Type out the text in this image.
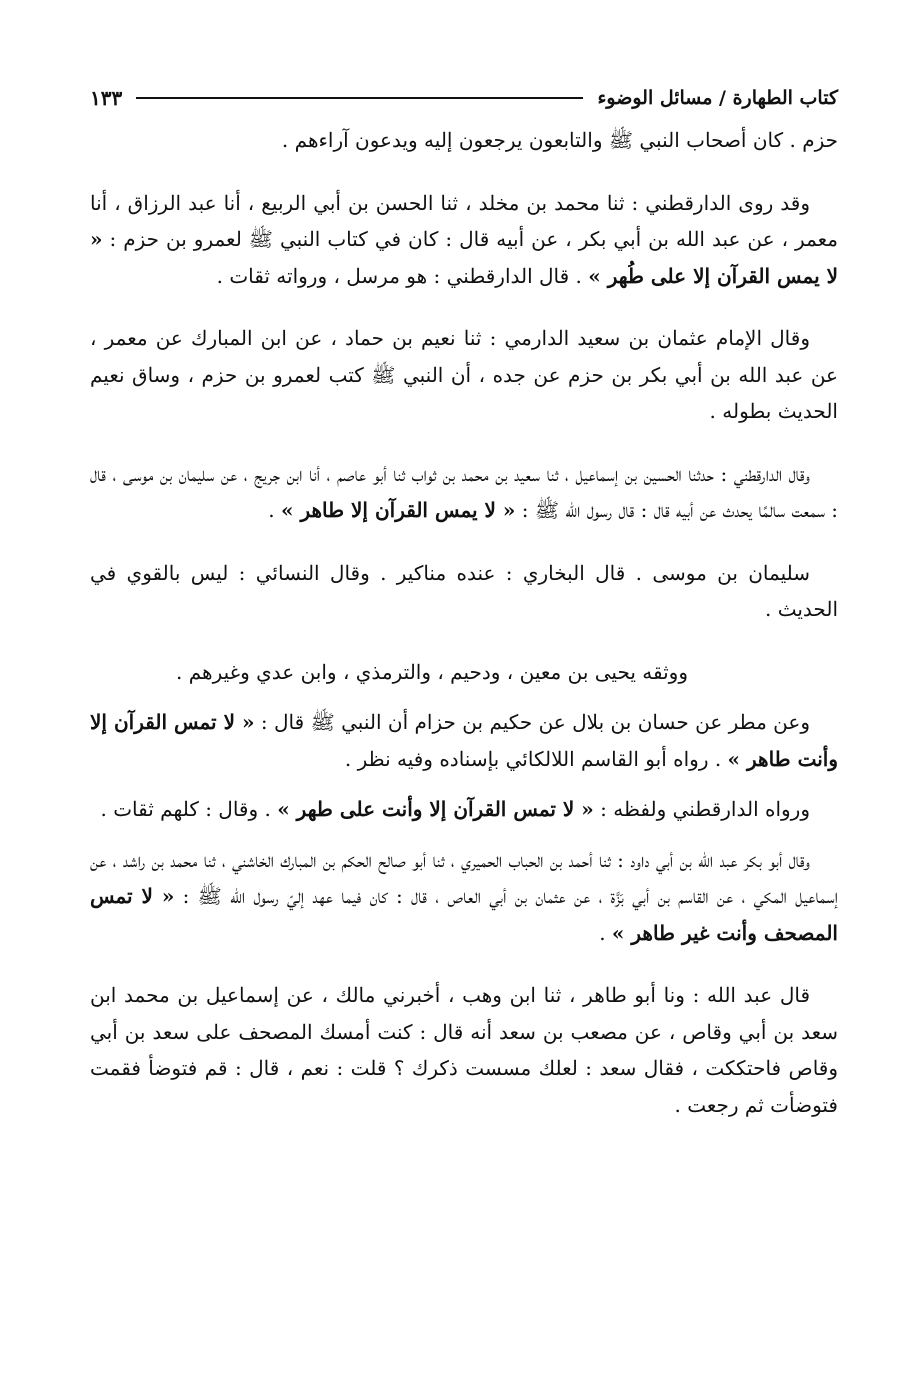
كتاب الطهارة / مسائل الوضوء
١٣٣

حزم . كان أصحاب النبي ﷺ والتابعون يرجعون إليه ويدعون آراءهم .

وقد روى الدارقطني : ثنا محمد بن مخلد ، ثنا الحسن بن أبي الربيع ، أنا عبد الرزاق ، أنا معمر ، عن عبد الله بن أبي بكر ، عن أبيه قال : كان في كتاب النبي ﷺ لعمرو بن حزم : « لا يمس القرآن إلا على طُهر » . قال الدارقطني : هو مرسل ، ورواته ثقات .

وقال الإمام عثمان بن سعيد الدارمي : ثنا نعيم بن حماد ، عن ابن المبارك عن معمر ، عن عبد الله بن أبي بكر بن حزم عن جده ، أن النبي ﷺ كتب لعمرو بن حزم ، وساق نعيم الحديث بطوله .

وقال الدارقطني : حدثنا الحسين بن إسماعيل ، ثنا سعيد بن محمد بن ثواب ثنا أبو عاصم ، أنا ابن جريج ، عن سليمان بن موسى ، قال : سمعت سالمًا يحدث عن أبيه قال : قال رسول الله ﷺ : « لا يمس القرآن إلا طاهر » .

سليمان بن موسى . قال البخاري : عنده مناكير . وقال النسائي : ليس بالقوي في الحديث .

ووثقه يحيى بن معين ، ودحيم ، والترمذي ، وابن عدي وغيرهم .

وعن مطر عن حسان بن بلال عن حكيم بن حزام أن النبي ﷺ قال : « لا تمس القرآن إلا وأنت طاهر » . رواه أبو القاسم اللالكائي بإسناده وفيه نظر .

ورواه الدارقطني ولفظه : « لا تمس القرآن إلا وأنت على طهر » . وقال : كلهم ثقات .

وقال أبو بكر عبد الله بن أبي داود : ثنا أحمد بن الحباب الحميري ، ثنا أبو صالح الحكم بن المبارك الخاشني ، ثنا محمد بن راشد ، عن إسماعيل المكي ، عن القاسم بن أبي بَزَّة ، عن عثمان بن أبي العاص ، قال : كان فيما عهد إليّ رسول الله ﷺ : « لا تمس المصحف وأنت غير طاهر » .

قال عبد الله : ونا أبو طاهر ، ثنا ابن وهب ، أخبرني مالك ، عن إسماعيل بن محمد ابن سعد بن أبي وقاص ، عن مصعب بن سعد أنه قال : كنت أمسك المصحف على سعد بن أبي وقاص فاحتككت ، فقال سعد : لعلك مسست ذكرك ؟ قلت : نعم ، قال : قم فتوضأ فقمت فتوضأت ثم رجعت .
